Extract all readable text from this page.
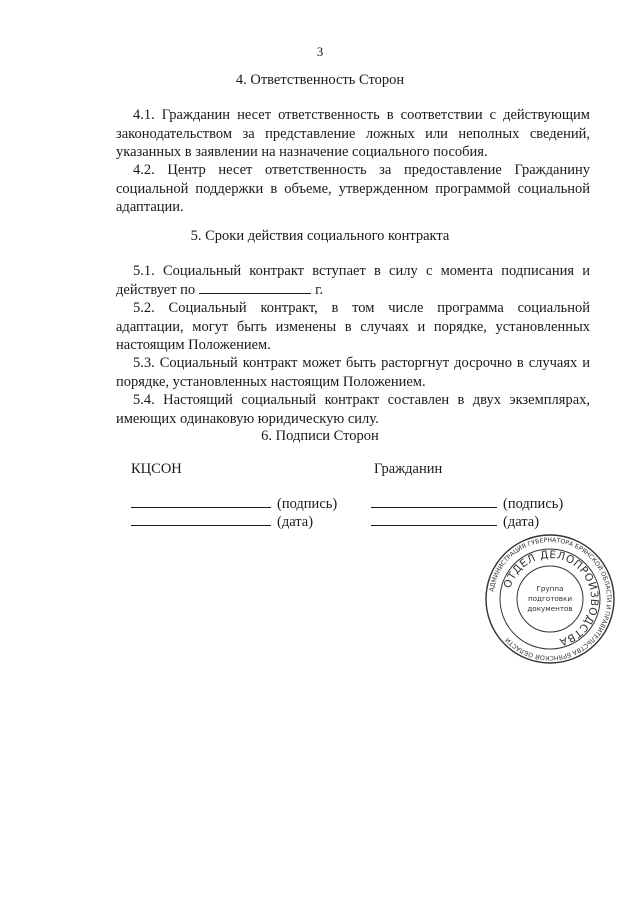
3
4. Ответственность Сторон

4.1. Гражданин несет ответственность в соответствии с действующим законодательством за представление ложных или неполных сведений, указанных в заявлении на назначение социального пособия.

4.2. Центр несет ответственность за предоставление Гражданину социальной поддержки в объеме, утвержденном программой социальной адаптации.

5. Сроки действия социального контракта

5.1. Социальный контракт вступает в силу с момента подписания и действует по	г.

5.2. Социальный контракт, в том числе программа социальной адаптации, могут быть изменены в случаях и порядке, установленных настоящим Положением.

5.3. Социальный контракт может быть расторгнут досрочно в случаях и порядке, установленных настоящим Положением.

5.4. Настоящий социальный контракт составлен в двух экземплярах, имеющих одинаковую юридическую силу.

6. Подписи Сторон
КЦСОН	Гражданин
(подпись)
(дата)
(подпись)
(дата)
АДМИНИСТРАЦИЯ ГУБЕРНАТОРА БРЯНСКОЙ ОБЛАСТИ И ПРАВИТЕЛЬСТВА БРЯНСКОЙ ОБЛАСТИ
ОТДЕЛ ДЕЛОПРОИЗВОДСТВА
Группа
подготовки
документов
